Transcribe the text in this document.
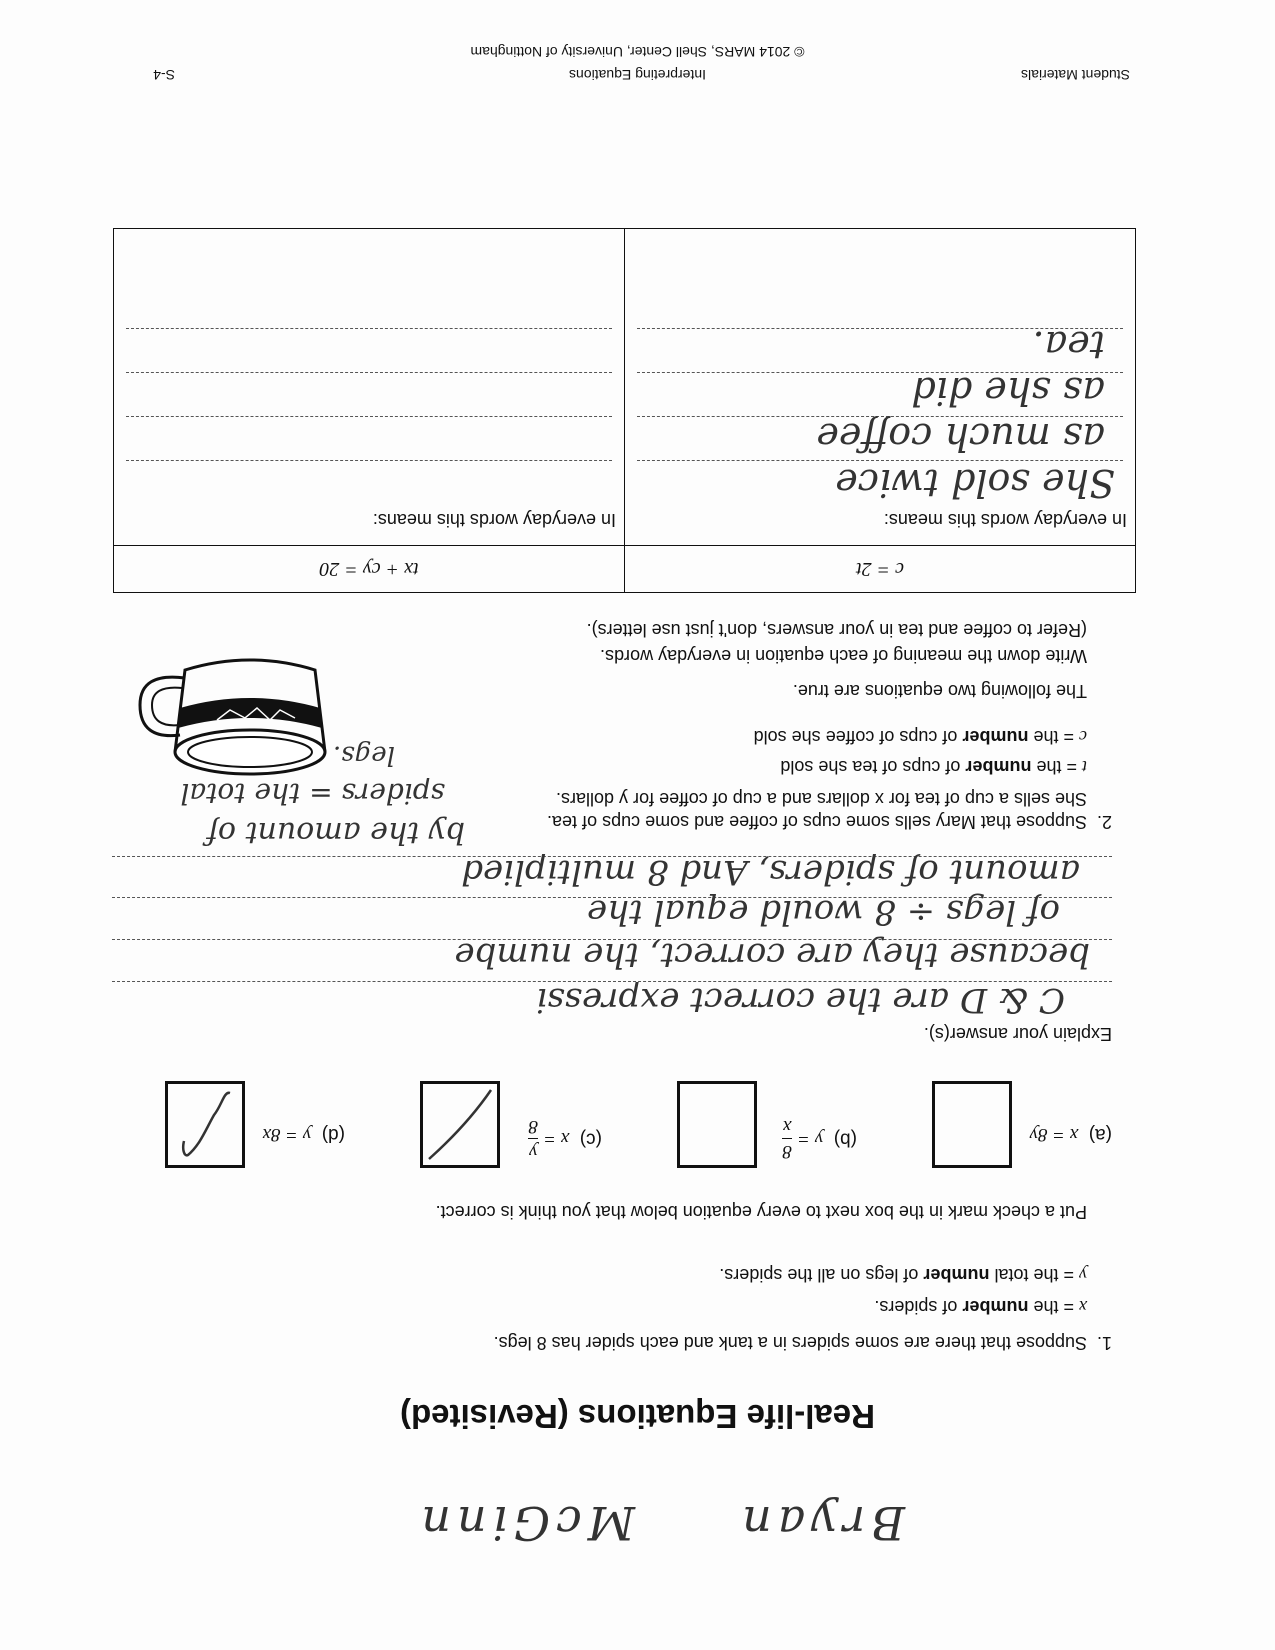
Bryan
McGinn
Real-life Equations (Revisited)
1.
Suppose that there are some spiders in a tank and each spider has 8 legs.
x = the number of spiders.
y = the total number of legs on all the spiders.
Put a check mark in the box next to every equation below that you think is correct.
(a)  x = 8y
(b)  y =
8
x
(c)  x =
y
8
(d)  y = 8x
Explain your answer(s).
C & D are the correct expressi
because they are correct, the numbe
of legs ÷ 8 would equal the
amount of spiders, And 8 multiplied
by the amount of
spiders = the total
legs.
2.
Suppose that Mary sells some cups of coffee and some cups of tea.
She sells a cup of tea for x dollars and a cup of coffee for y dollars.
t = the number of cups of tea she sold
c = the number of cups of coffee she sold
The following two equations are true.
Write down the meaning of each equation in everyday words.
(Refer to coffee and tea in your answers, don't just use letters).
c = 2t
In everyday words this means:
She sold twice
as much coffee
as she did
tea.

tx + cy = 20
In everyday words this means:
Student Materials
Interpreting Equations
© 2014 MARS, Shell Center, University of Nottingham
S-4
